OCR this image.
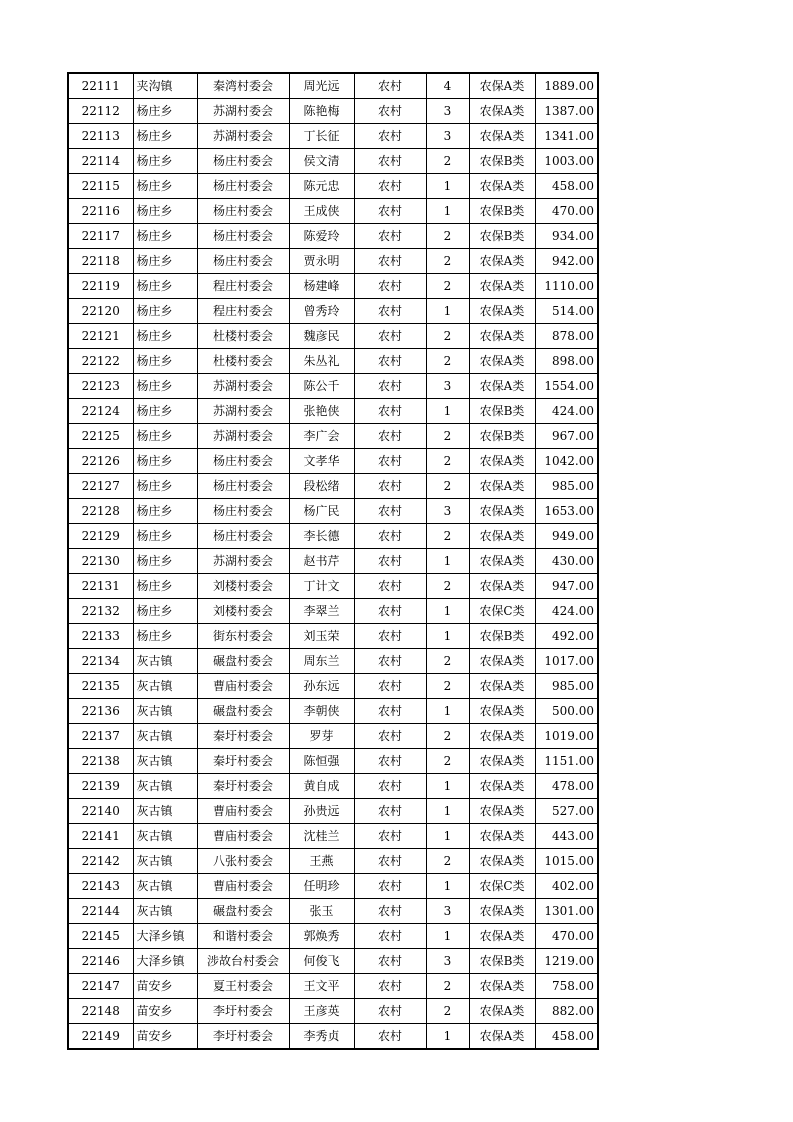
22111	夹沟镇	秦湾村委会	周光远	农村	4	农保A类	1889.00
22112	杨庄乡	苏湖村委会	陈艳梅	农村	3	农保A类	1387.00
22113	杨庄乡	苏湖村委会	丁长征	农村	3	农保A类	1341.00
22114	杨庄乡	杨庄村委会	侯文清	农村	2	农保B类	1003.00
22115	杨庄乡	杨庄村委会	陈元忠	农村	1	农保A类	458.00
22116	杨庄乡	杨庄村委会	王成侠	农村	1	农保B类	470.00
22117	杨庄乡	杨庄村委会	陈爱玲	农村	2	农保B类	934.00
22118	杨庄乡	杨庄村委会	贾永明	农村	2	农保A类	942.00
22119	杨庄乡	程庄村委会	杨建峰	农村	2	农保A类	1110.00
22120	杨庄乡	程庄村委会	曾秀玲	农村	1	农保A类	514.00
22121	杨庄乡	杜楼村委会	魏彦民	农村	2	农保A类	878.00
22122	杨庄乡	杜楼村委会	朱丛礼	农村	2	农保A类	898.00
22123	杨庄乡	苏湖村委会	陈公千	农村	3	农保A类	1554.00
22124	杨庄乡	苏湖村委会	张艳侠	农村	1	农保B类	424.00
22125	杨庄乡	苏湖村委会	李广会	农村	2	农保B类	967.00
22126	杨庄乡	杨庄村委会	文孝华	农村	2	农保A类	1042.00
22127	杨庄乡	杨庄村委会	段松绪	农村	2	农保A类	985.00
22128	杨庄乡	杨庄村委会	杨广民	农村	3	农保A类	1653.00
22129	杨庄乡	杨庄村委会	李长德	农村	2	农保A类	949.00
22130	杨庄乡	苏湖村委会	赵书芹	农村	1	农保A类	430.00
22131	杨庄乡	刘楼村委会	丁计文	农村	2	农保A类	947.00
22132	杨庄乡	刘楼村委会	李翠兰	农村	1	农保C类	424.00
22133	杨庄乡	街东村委会	刘玉荣	农村	1	农保B类	492.00
22134	灰古镇	碾盘村委会	周东兰	农村	2	农保A类	1017.00
22135	灰古镇	曹庙村委会	孙东远	农村	2	农保A类	985.00
22136	灰古镇	碾盘村委会	李朝侠	农村	1	农保A类	500.00
22137	灰古镇	秦圩村委会	罗芽	农村	2	农保A类	1019.00
22138	灰古镇	秦圩村委会	陈恒强	农村	2	农保A类	1151.00
22139	灰古镇	秦圩村委会	黄自成	农村	1	农保A类	478.00
22140	灰古镇	曹庙村委会	孙贵远	农村	1	农保A类	527.00
22141	灰古镇	曹庙村委会	沈桂兰	农村	1	农保A类	443.00
22142	灰古镇	八张村委会	王燕	农村	2	农保A类	1015.00
22143	灰古镇	曹庙村委会	任明珍	农村	1	农保C类	402.00
22144	灰古镇	碾盘村委会	张玉	农村	3	农保A类	1301.00
22145	大泽乡镇	和谐村委会	郭焕秀	农村	1	农保A类	470.00
22146	大泽乡镇	涉故台村委会	何俊飞	农村	3	农保B类	1219.00
22147	苗安乡	夏王村委会	王文平	农村	2	农保A类	758.00
22148	苗安乡	李圩村委会	王彦英	农村	2	农保A类	882.00
22149	苗安乡	李圩村委会	李秀贞	农村	1	农保A类	458.00
